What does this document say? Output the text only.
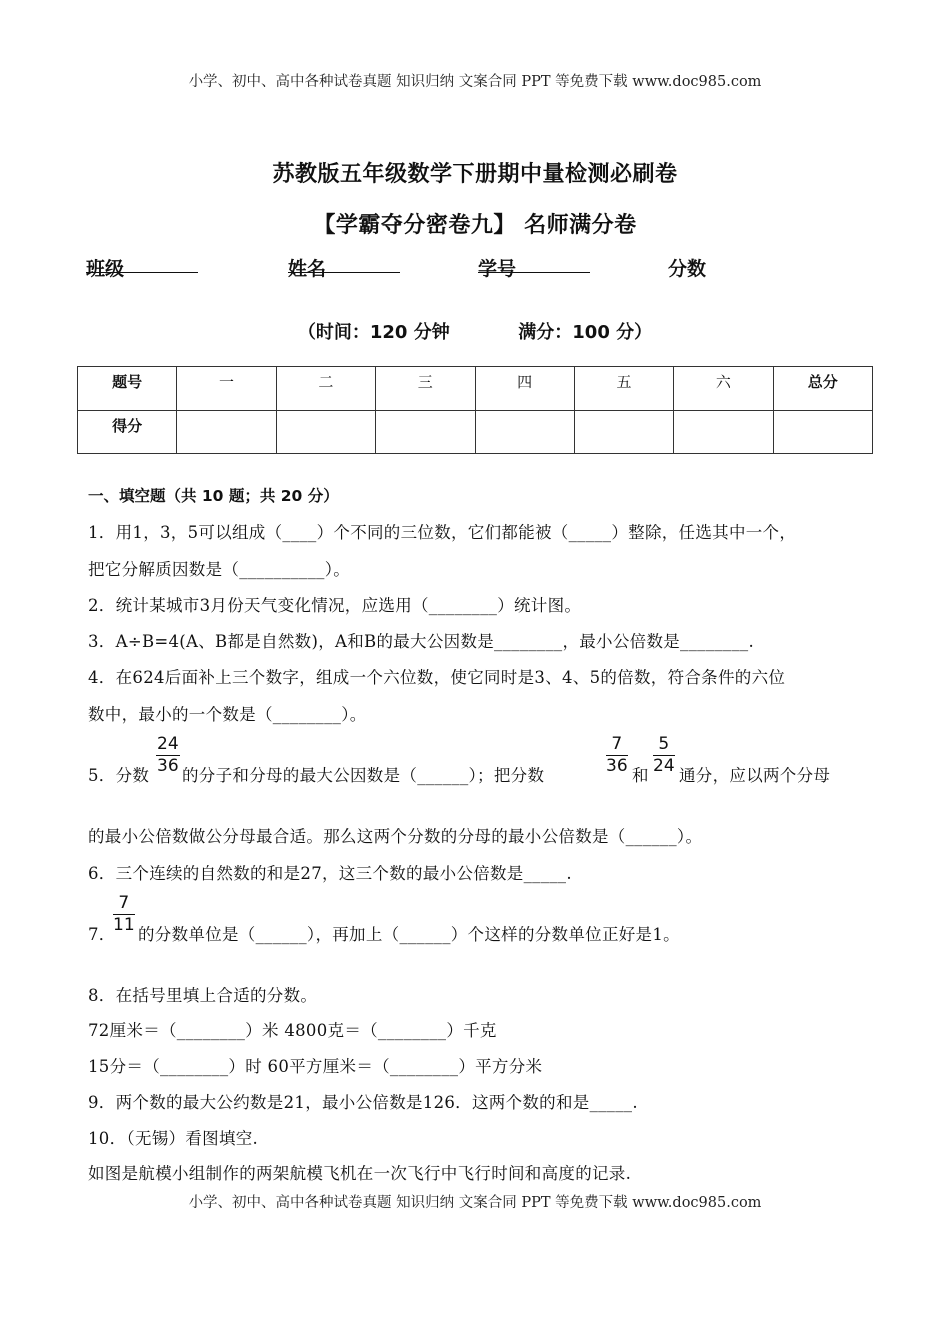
小学、初中、高中各种试卷真题 知识归纳 文案合同 PPT 等免费下载 www.doc985.com
苏教版五年级数学下册期中量检测必刷卷
【学霸夺分密卷九】 名师满分卷
班级	姓名	学号	分数
（时间：120 分钟	满分：100 分）
题号	一	二	三	四	五	六	总分
得分							
一、填空题（共 10 题；共 20 分）
1．用1，3，5可以组成（____）个不同的三位数，它们都能被（_____）整除，任选其中一个，
把它分解质因数是（__________）。
2．统计某城市3月份天气变化情况，应选用（________）统计图。
3．A÷B=4(A、B都是自然数)，A和B的最大公因数是________，最小公倍数是________.
4．在624后面补上三个数字，组成一个六位数，使它同时是3、4、5的倍数，符合条件的六位
数中，最小的一个数是（________）。
5．分数
$\frac{24}{36}$
的分子和分母的最大公因数是（______）；把分数
$\frac{7}{36}$
和
$\frac{5}{24}$
通分，应以两个分母
的最小公倍数做公分母最合适。那么这两个分数的分母的最小公倍数是（______）。
6．三个连续的自然数的和是27，这三个数的最小公倍数是_____.
7．
$\frac{7}{11}$
的分数单位是（______），再加上（______）个这样的分数单位正好是1。
8．在括号里填上合适的分数。
72厘米＝（________）米 4800克＝（________）千克
15分＝（________）时 60平方厘米＝（________）平方分米
9．两个数的最大公约数是21，最小公倍数是126．这两个数的和是_____.
10．（无锡）看图填空.
如图是航模小组制作的两架航模飞机在一次飞行中飞行时间和高度的记录.
小学、初中、高中各种试卷真题 知识归纳 文案合同 PPT 等免费下载 www.doc985.com
